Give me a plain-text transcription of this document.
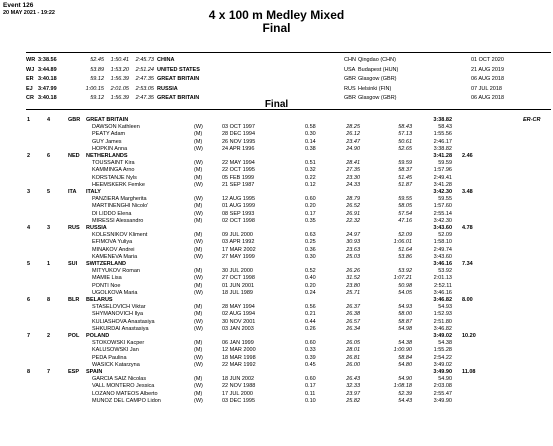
Event 126
20 MAY 2021 - 19:22	4 x 100 m Medley Mixed
Final
WR 3:38.56	52.45 1:50.41 2:45.73 CHINA	CHN Qingdao (CHN)	01 OCT 2020
WJ 3:44.89	53.89 1:53.20 2:51.24 UNITED STATES	USA Budapest (HUN)	21 AUG 2019
ER 3:40.18	59.12 1:56.39 2:47.35 GREAT BRITAIN	GBR Glasgow (GBR)	06 AUG 2018
EJ 3:47.99	1:00.15 2:01.05 2:53.05 RUSSIA	RUS Helsinki (FIN)	07 JUL 2018
CR 3:40.18	59.12 1:56.39 2:47.35 GREAT BRITAIN	GBR Glasgow (GBR)	06 AUG 2018
Final
1	4	GBR GREAT BRITAIN	3:38.82	ER-CR
DAWSON Kathleen	(W)	03 OCT 1997	0.58	28.25	58.43	58.43
PEATY Adam	(M)	28 DEC 1994	0.30	26.12	57.13	1:55.56
GUY James	(M)	26 NOV 1995	0.14	23.47	50.61	2:46.17
HOPKIN Anna	(W)	24 APR 1996	0.38	24.90	52.65	3:38.82
2	6	NED NETHERLANDS	3:41.28 2.46
TOUSSAINT Kira	(W)	22 MAY 1994	0.51	28.41	59.59	59.59
KAMMINGA Arno	(M)	22 OCT 1995	0.32	27.35	58.37	1:57.96
KORSTANJE Nyls	(M)	05 FEB 1999	0.22	23.30	51.45	2:49.41
HEEMSKERK Femke	(W)	21 SEP 1987	0.12	24.33	51.87	3:41.28
3	5	ITA ITALY	3:42.30 3.48
PANZIERA Margherita	(W)	12 AUG 1995	0.60	28.79	59.55	59.55
MARTINENGHI Nicolo'	(M)	01 AUG 1999	0.20	26.52	58.05	1:57.60
DI LIDDO Elena	(W)	08 SEP 1993	0.17	26.91	57.54	2:55.14
MIRESSI Alessandro	(M)	02 OCT 1998	0.35	22.32	47.16	3:42.30
4	3	RUS RUSSIA	3:43.60 4.78
KOLESNIKOV Kliment	(M)	09 JUL 2000	0.63	24.97	52.09	52.09
EFIMOVA Yuliya	(W)	03 APR 1992	0.25	30.93	1:06.01	1:58.10
MINAKOV Andrei	(M)	17 MAR 2002	0.36	23.63	51.64	2:49.74
KAMENEVA Maria	(W)	27 MAY 1999	0.30	25.03	53.86	3:43.60
5	1	SUI SWITZERLAND	3:46.16 7.34
MITYUKOV Roman	(M)	30 JUL 2000	0.52	26.26	53.92	53.92
MAMIE Lisa	(W)	27 OCT 1998	0.40	31.52	1:07.21	2:01.13
PONTI Noe	(M)	01 JUN 2001	0.20	23.80	50.98	2:52.11
UGOLKOVA Maria	(W)	18 JUL 1989	0.24	25.71	54.05	3:46.16
6	8	BLR BELARUS	3:46.82 8.00
STASELOVICH Viktar	(M)	28 MAY 1994	0.56	26.37	54.93	54.93
SHYMANOVICH Ilya	(M)	02 AUG 1994	0.21	26.38	58.00	1:52.93
KULIASHOVA Anastasiya	(W)	30 NOV 2001	0.44	26.57	58.87	2:51.80
SHKURDAI Anastasiya	(W)	03 JAN 2003	0.26	26.34	54.98	3:46.82
7	2	POL POLAND	3:49.02 10.20
STOKOWSKI Kacper	(M)	06 JAN 1999	0.60	26.05	54.38	54.38
KALUSOWSKI Jan	(M)	12 MAR 2000	0.33	28.01	1:00.90	1:55.28
PEDA Paulina	(W)	18 MAR 1998	0.39	26.81	58.84	2:54.22
WASICK Katarzyna	(W)	22 MAR 1992	0.45	26.00	54.80	3:49.02
8	7	ESP SPAIN	3:49.90 11.08
GARCIA SAIZ Nicolas	(M)	18 JUN 2002	0.60	26.43	54.90	54.90
VALL MONTERO Jessica	(W)	22 NOV 1988	0.17	32.33	1:08.18	2:03.08
LOZANO MATEOS Alberto	(M)	17 JUL 2000	0.11	23.97	52.39	2:55.47
MUNOZ DEL CAMPO Lidon	(W)	03 DEC 1995	0.10	25.82	54.43	3:49.90
